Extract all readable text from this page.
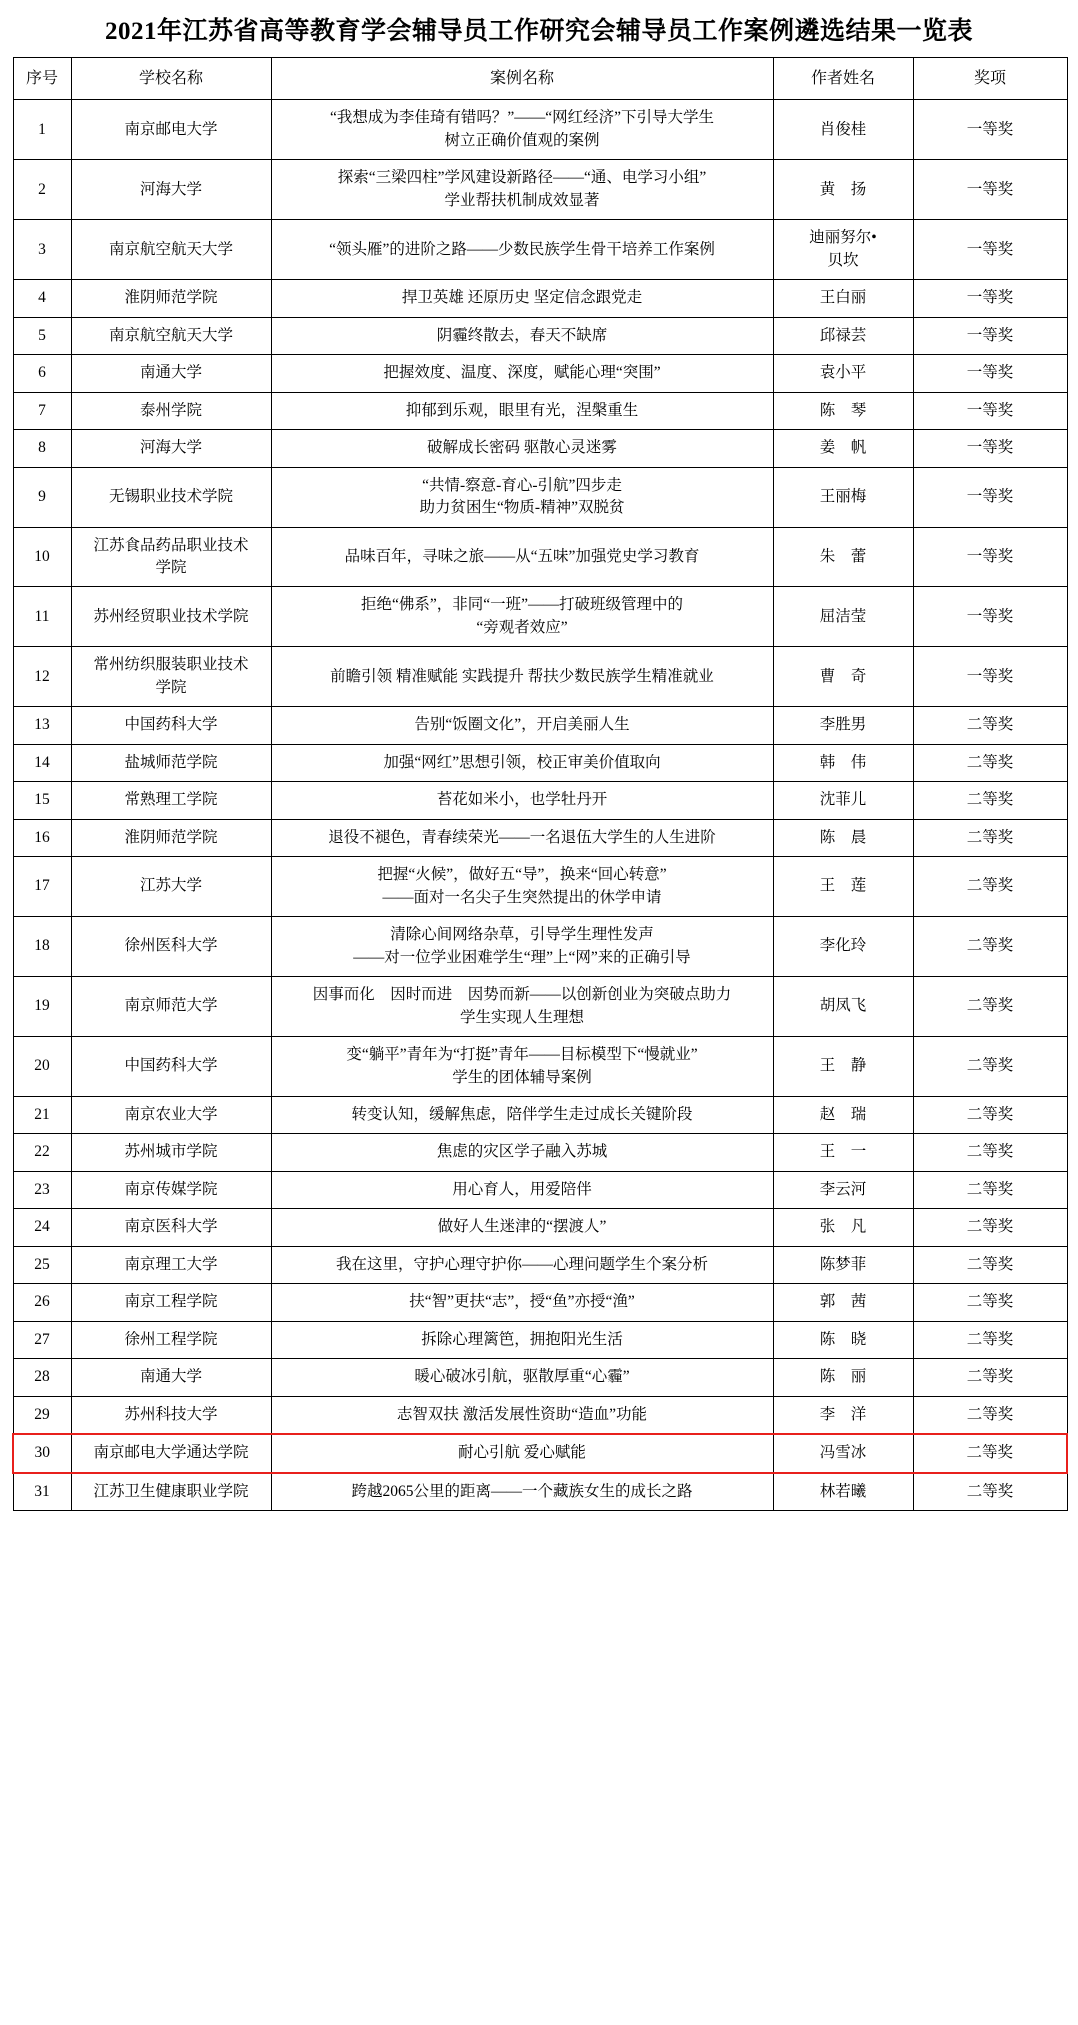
2021年江苏省高等教育学会辅导员工作研究会辅导员工作案例遴选结果一览表
序号	学校名称	案例名称	作者姓名	奖项
1	南京邮电大学	“我想成为李佳琦有错吗？”——“网红经济”下引导大学生
树立正确价值观的案例	肖俊桂	一等奖
2	河海大学	探索“三梁四柱”学风建设新路径——“通、电学习小组”
学业帮扶机制成效显著	黄　扬	一等奖
3	南京航空航天大学	“领头雁”的进阶之路——少数民族学生骨干培养工作案例	迪丽努尔•
贝坎	一等奖
4	淮阴师范学院	捍卫英雄 还原历史 坚定信念跟党走	王白丽	一等奖
5	南京航空航天大学	阴霾终散去，春天不缺席	邱禄芸	一等奖
6	南通大学	把握效度、温度、深度，赋能心理“突围”	袁小平	一等奖
7	泰州学院	抑郁到乐观，眼里有光，涅槃重生	陈　琴	一等奖
8	河海大学	破解成长密码 驱散心灵迷雾	姜　帆	一等奖
9	无锡职业技术学院	“共情-察意-育心-引航”四步走
助力贫困生“物质-精神”双脱贫	王丽梅	一等奖
10	江苏食品药品职业技术
学院	品味百年，寻味之旅——从“五味”加强党史学习教育	朱　蕾	一等奖
11	苏州经贸职业技术学院	拒绝“佛系”，非同“一班”——打破班级管理中的
“旁观者效应”	屈洁莹	一等奖
12	常州纺织服装职业技术
学院	前瞻引领 精准赋能 实践提升 帮扶少数民族学生精准就业	曹　奇	一等奖
13	中国药科大学	告别“饭圈文化”，开启美丽人生	李胜男	二等奖
14	盐城师范学院	加强“网红”思想引领，校正审美价值取向	韩　伟	二等奖
15	常熟理工学院	苔花如米小，也学牡丹开	沈菲儿	二等奖
16	淮阴师范学院	退役不褪色，青春续荣光——一名退伍大学生的人生进阶	陈　晨	二等奖
17	江苏大学	把握“火候”，做好五“导”，换来“回心转意”
——面对一名尖子生突然提出的休学申请	王　莲	二等奖
18	徐州医科大学	清除心间网络杂草，引导学生理性发声
——对一位学业困难学生“理”上“网”来的正确引导	李化玲	二等奖
19	南京师范大学	因事而化　因时而进　因势而新——以创新创业为突破点助力
学生实现人生理想	胡凤飞	二等奖
20	中国药科大学	变“躺平”青年为“打挺”青年——目标模型下“慢就业”
学生的团体辅导案例	王　静	二等奖
21	南京农业大学	转变认知，缓解焦虑，陪伴学生走过成长关键阶段	赵　瑞	二等奖
22	苏州城市学院	焦虑的灾区学子融入苏城	王　一	二等奖
23	南京传媒学院	用心育人，用爱陪伴	李云河	二等奖
24	南京医科大学	做好人生迷津的“摆渡人”	张　凡	二等奖
25	南京理工大学	我在这里，守护心理守护你——心理问题学生个案分析	陈梦菲	二等奖
26	南京工程学院	扶“智”更扶“志”，授“鱼”亦授“渔”	郭　茜	二等奖
27	徐州工程学院	拆除心理篱笆，拥抱阳光生活	陈　晓	二等奖
28	南通大学	暖心破冰引航，驱散厚重“心霾”	陈　丽	二等奖
29	苏州科技大学	志智双扶 激活发展性资助“造血”功能	李　洋	二等奖
30	南京邮电大学通达学院	耐心引航 爱心赋能	冯雪冰	二等奖
31	江苏卫生健康职业学院	跨越2065公里的距离——一个藏族女生的成长之路	林若曦	二等奖
